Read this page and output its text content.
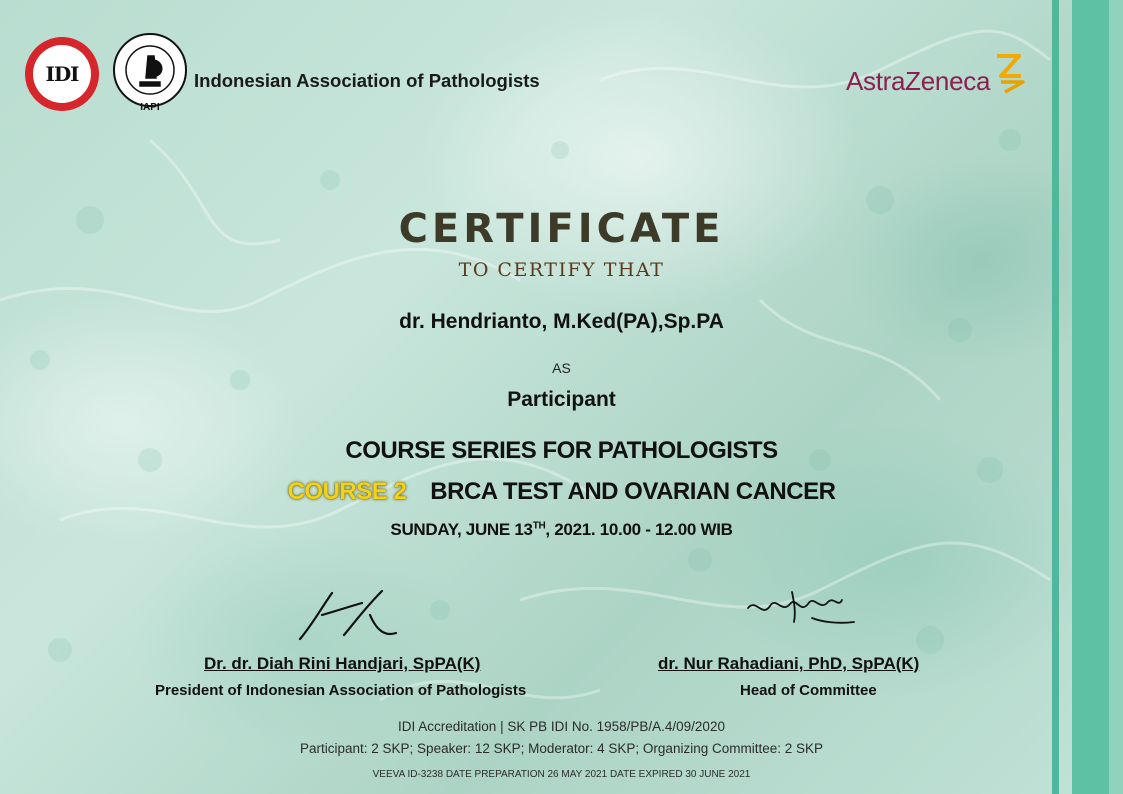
IDI
IAPI
Indonesian Association of Pathologists	AstraZeneca
CERTIFICATE
TO CERTIFY THAT
dr. Hendrianto, M.Ked(PA),Sp.PA
AS
Participant
COURSE SERIES FOR PATHOLOGISTS
COURSE 2 BRCA TEST AND OVARIAN CANCER
SUNDAY, JUNE 13TH, 2021. 10.00 - 12.00 WIB
Dr. dr. Diah Rini Handjari, SpPA(K)
President of Indonesian Association of Pathologists
dr. Nur Rahadiani, PhD, SpPA(K)
Head of Committee
IDI Accreditation | SK PB IDI No. 1958/PB/A.4/09/2020
Participant: 2 SKP; Speaker: 12 SKP; Moderator: 4 SKP; Organizing Committee: 2 SKP
VEEVA ID-3238 DATE PREPARATION 26 MAY 2021 DATE EXPIRED 30 JUNE 2021
